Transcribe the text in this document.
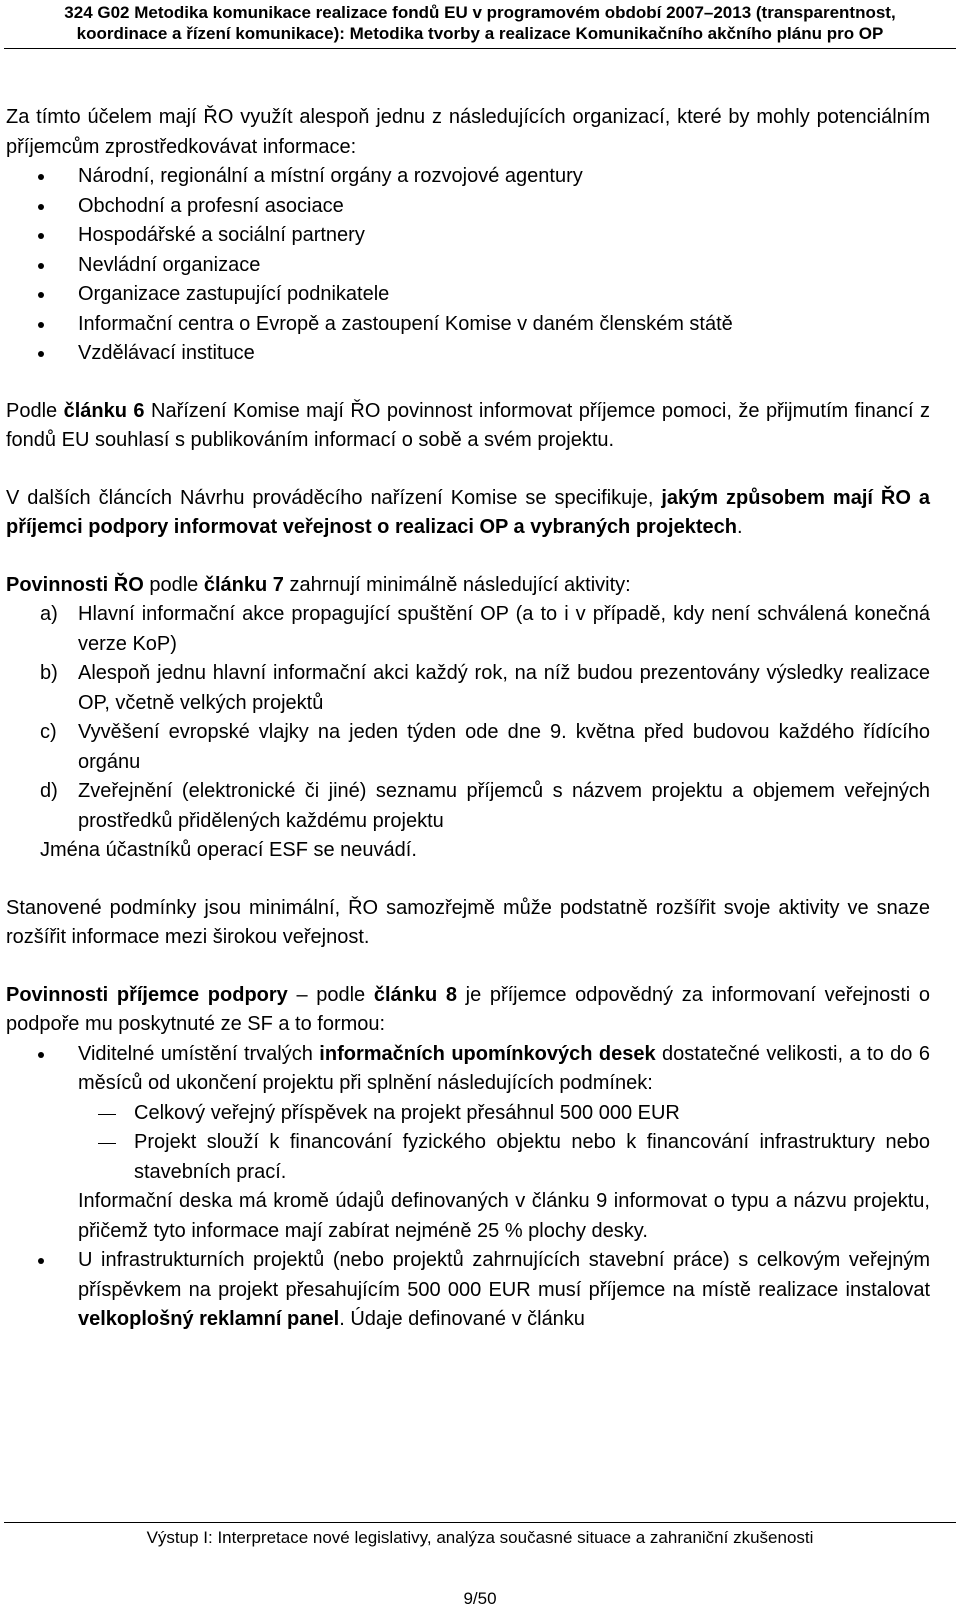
324 G02 Metodika komunikace realizace fondů EU v programovém období 2007–2013 (transparentnost,
koordinace a řízení komunikace): Metodika tvorby a realizace Komunikačního akčního plánu pro OP

Za tímto účelem mají ŘO využít alespoň jednu z následujících organizací, které by mohly potenciálním příjemcům zprostředkovávat informace:

Národní, regionální a místní orgány a rozvojové agentury
Obchodní a profesní asociace
Hospodářské a sociální partnery
Nevládní organizace
Organizace zastupující podnikatele
Informační centra o Evropě a zastoupení Komise v daném členském státě
Vzdělávací instituce

Podle článku 6 Nařízení Komise mají ŘO povinnost informovat příjemce pomoci, že přijmutím financí z fondů EU souhlasí s publikováním informací o sobě a svém projektu.

V dalších článcích Návrhu prováděcího nařízení Komise se specifikuje, jakým způsobem mají ŘO a příjemci podpory informovat veřejnost o realizaci OP a vybraných projektech.

Povinnosti ŘO podle článku 7 zahrnují minimálně následující aktivity:

a) Hlavní informační akce propagující spuštění OP (a to i v případě, kdy není schválená konečná verze KoP)
b) Alespoň jednu hlavní informační akci každý rok, na níž budou prezentovány výsledky realizace OP, včetně velkých projektů
c) Vyvěšení evropské vlajky na jeden týden ode dne 9. května před budovou každého řídícího orgánu
d) Zveřejnění (elektronické či jiné) seznamu příjemců s názvem projektu a objemem veřejných prostředků přidělených každému projektu

Jména účastníků operací ESF se neuvádí.

Stanovené podmínky jsou minimální, ŘO samozřejmě může podstatně rozšířit svoje aktivity ve snaze rozšířit informace mezi širokou veřejnost.

Povinnosti příjemce podpory – podle článku 8 je příjemce odpovědný za informovaní veřejnosti o podpoře mu poskytnuté ze SF a to formou:

Viditelné umístění trvalých informačních upomínkových desek dostatečné velikosti, a to do 6 měsíců od ukončení projektu při splnění následujících podmínek:
Celkový veřejný příspěvek na projekt přesáhnul 500 000 EUR
Projekt slouží k financování fyzického objektu nebo k financování infrastruktury nebo stavebních prací.
Informační deska má kromě údajů definovaných v článku 9 informovat o typu a názvu projektu, přičemž tyto informace mají zabírat nejméně 25 % plochy desky.
U infrastrukturních projektů (nebo projektů zahrnujících stavební práce) s celkovým veřejným příspěvkem na projekt přesahujícím 500 000 EUR musí příjemce na místě realizace instalovat velkoplošný reklamní panel. Údaje definované v článku
Výstup I: Interpretace nové legislativy, analýza současné situace a zahraniční zkušenosti
9/50
